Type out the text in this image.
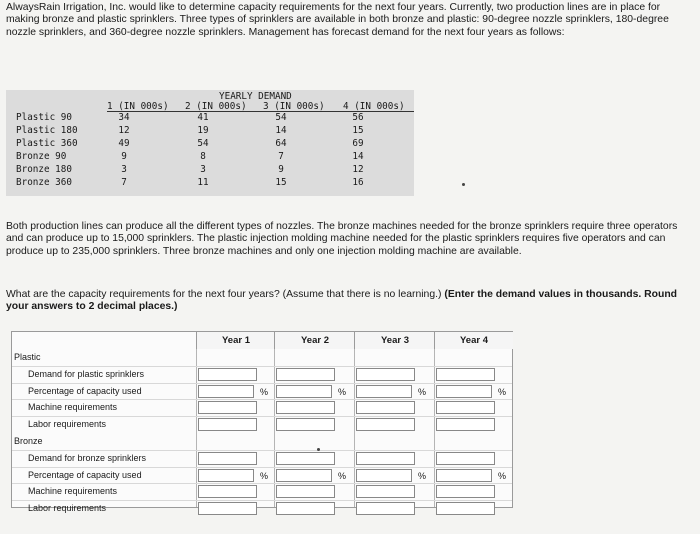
AlwaysRain Irrigation, Inc. would like to determine capacity requirements for the next four years. Currently, two production lines are in place for making bronze and plastic sprinklers. Three types of sprinklers are available in both bronze and plastic: 90-degree nozzle sprinklers, 180-degree nozzle sprinklers, and 360-degree nozzle sprinklers. Management has forecast demand for the next four years as follows:

YEARLY DEMAND
1 (IN 000s) 2 (IN 000s) 3 (IN 000s) 4 (IN 000s)
Plastic 90	34	41	54	56
Plastic 180	12	19	14	15
Plastic 360	49	54	64	69
Bronze 90	9	8	7	14
Bronze 180	3	3	9	12
Bronze 360	7	11	15	16

Both production lines can produce all the different types of nozzles. The bronze machines needed for the bronze sprinklers require three operators and can produce up to 15,000 sprinklers. The plastic injection molding machine needed for the plastic sprinklers requires five operators and can produce up to 235,000 sprinklers. Three bronze machines and only one injection molding machine are available.

What are the capacity requirements for the next four years? (Assume that there is no learning.) (Enter the demand values in thousands. Round your answers to 2 decimal places.)

Year 1	Year 2	Year 3	Year 4
Plastic
Demand for plastic sprinklers
Percentage of capacity used	%	%	%	%
Machine requirements
Labor requirements
Bronze
Demand for bronze sprinklers
Percentage of capacity used	%	%	%	%
Machine requirements
Labor requirements
